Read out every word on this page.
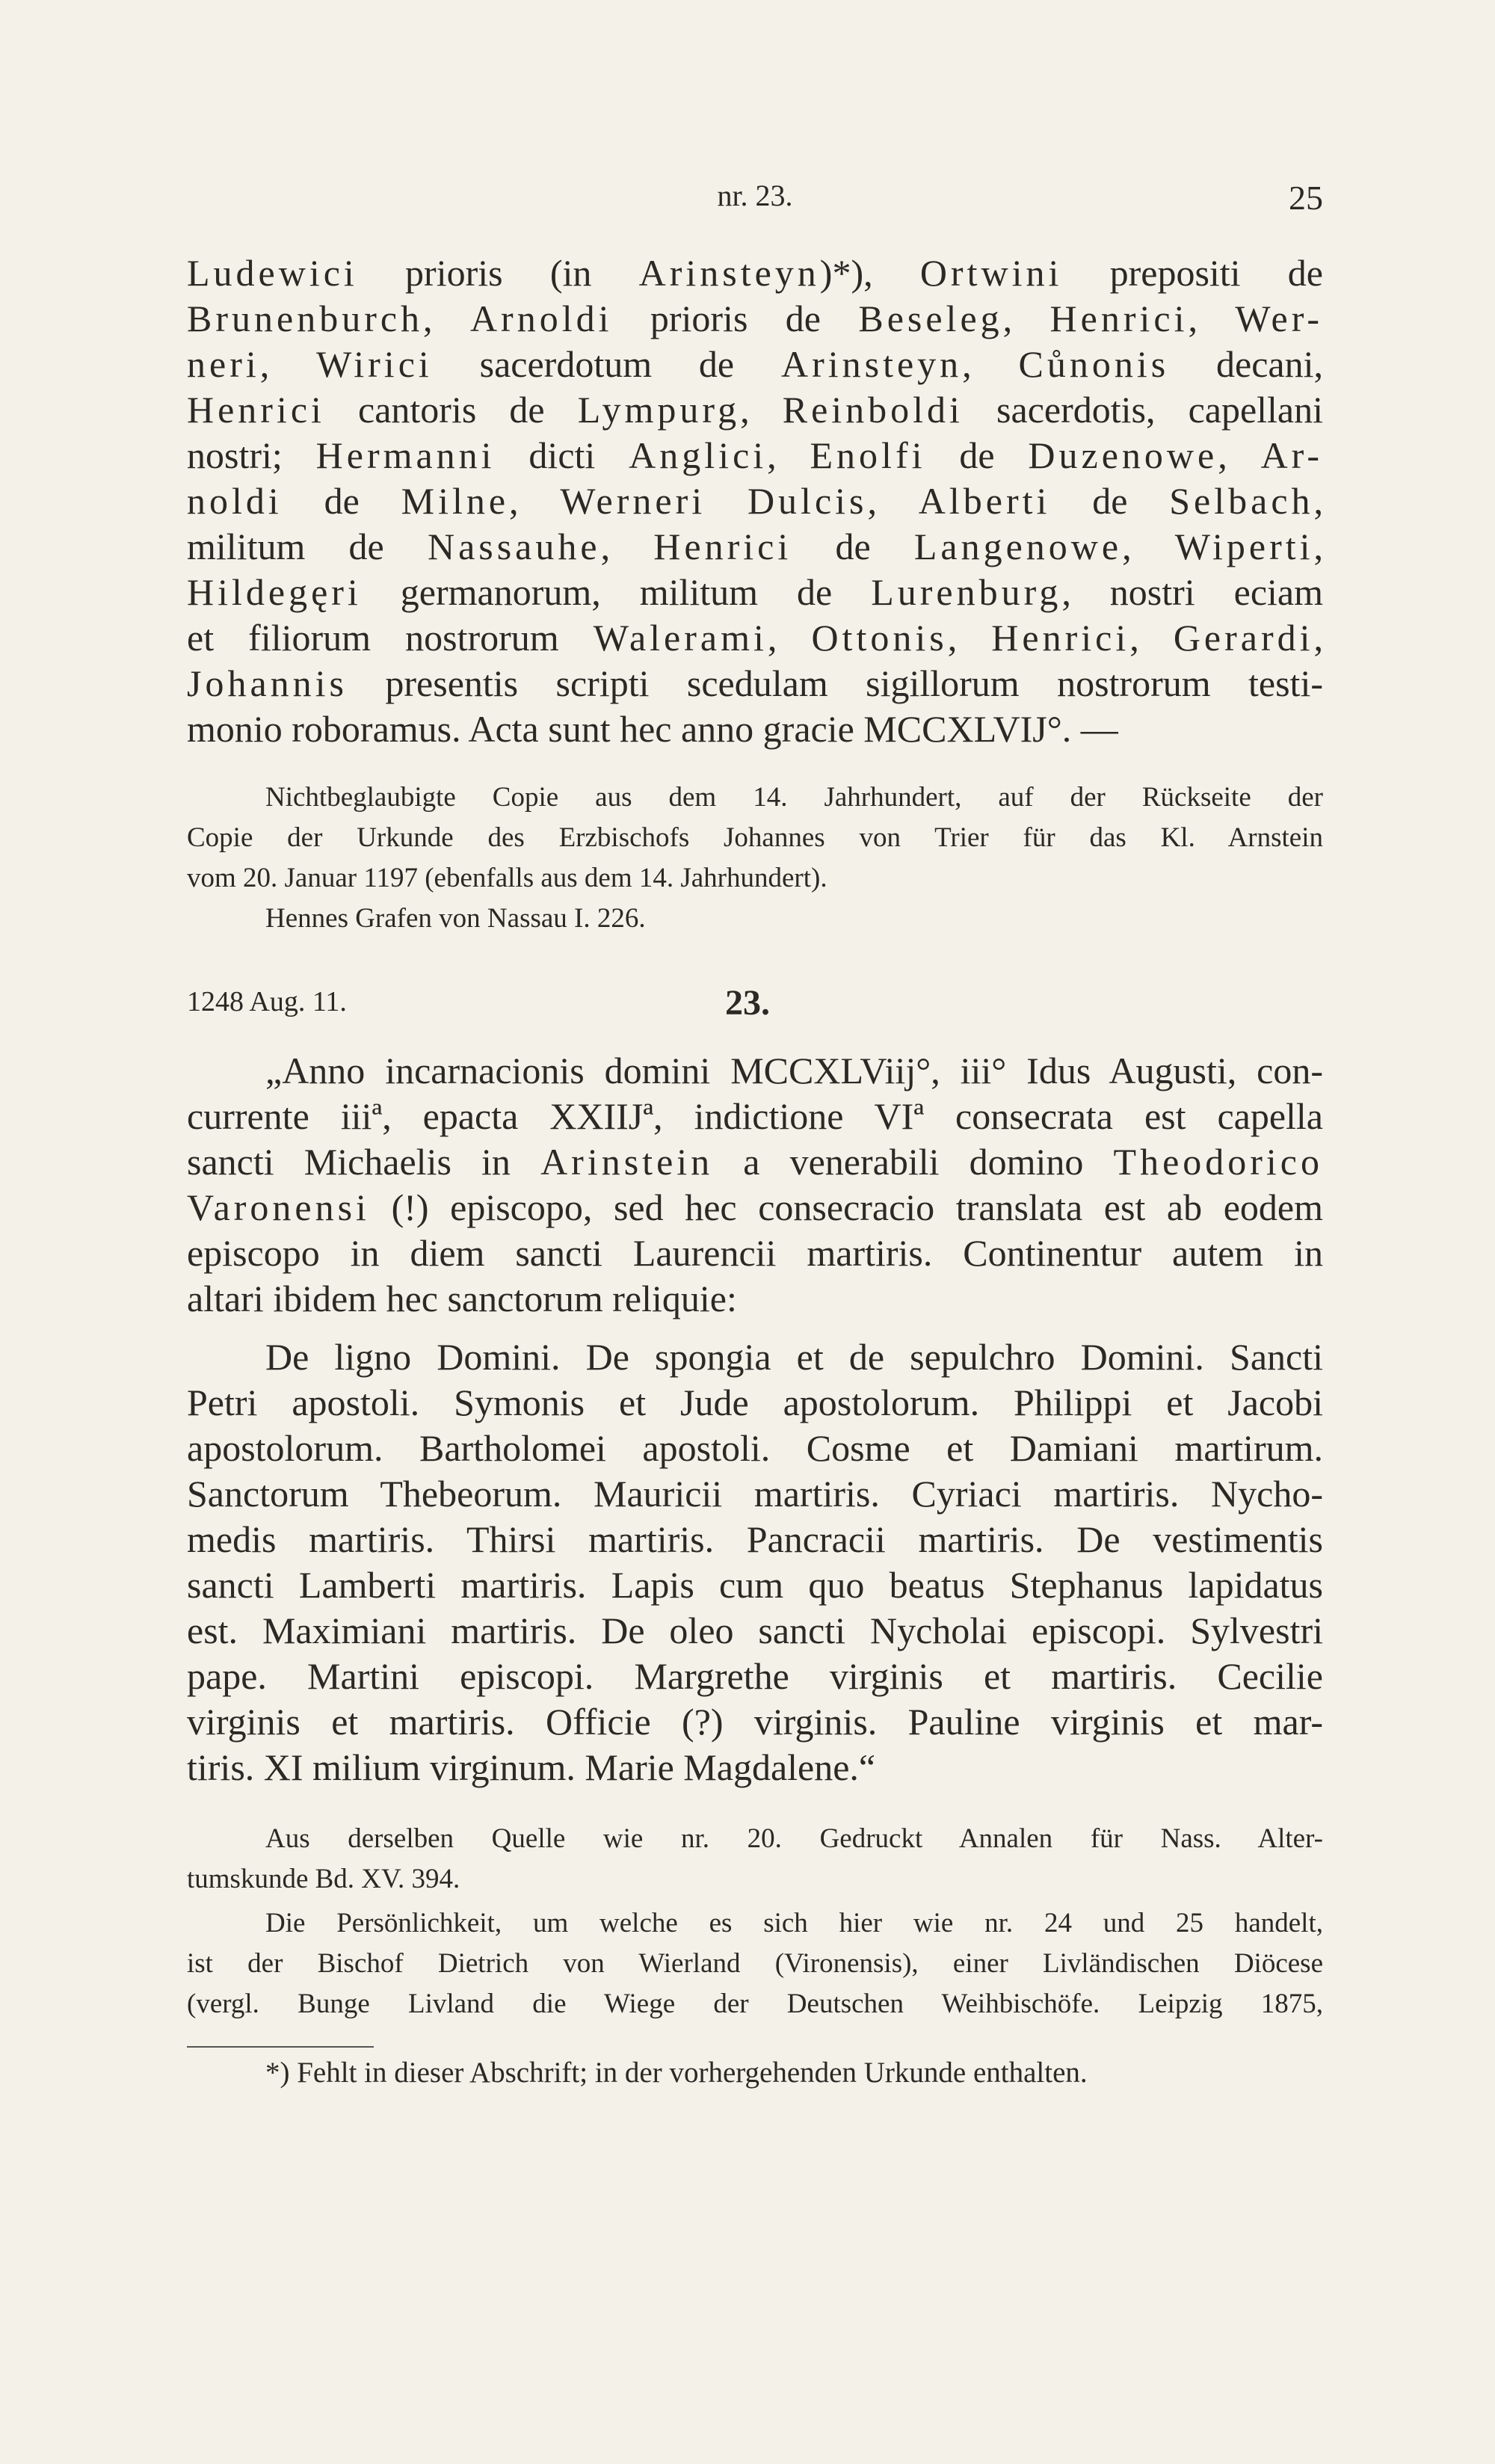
nr. 23.	25
Ludewici prioris (in Arinsteyn)*), Ortwini prepositi de
Brunenburch, Arnoldi prioris de Beseleg, Henrici, Wer-
neri, Wirici sacerdotum de Arinsteyn, Cůnonis decani,
Henrici cantoris de Lympurg, Reinboldi sacerdotis, capellani
nostri; Hermanni dicti Anglici, Enolfi de Duzenowe, Ar-
noldi de Milne, Werneri Dulcis, Alberti de Selbach,
militum de Nassauhe, Henrici de Langenowe, Wiperti,
Hildegęri germanorum, militum de Lurenburg, nostri eciam
et filiorum nostrorum Walerami, Ottonis, Henrici, Gerardi,
Johannis presentis scripti scedulam sigillorum nostrorum testi-
monio roboramus. Acta sunt hec anno gracie MCCXLVIJ°. —
Nichtbeglaubigte Copie aus dem 14. Jahrhundert, auf der Rückseite der
Copie der Urkunde des Erzbischofs Johannes von Trier für das Kl. Arnstein
vom 20. Januar 1197 (ebenfalls aus dem 14. Jahrhundert).
Hennes Grafen von Nassau I. 226.
1248 Aug. 11.	23.
„Anno incarnacionis domini MCCXLViij°, iii° Idus Augusti, con-
currente iiiª, epacta XXIIJª, indictione VIª consecrata est capella
sancti Michaelis in Arinstein a venerabili domino Theodorico
Varonensi (!) episcopo, sed hec consecracio translata est ab eodem
episcopo in diem sancti Laurencii martiris. Continentur autem in
altari ibidem hec sanctorum reliquie:
De ligno Domini. De spongia et de sepulchro Domini. Sancti
Petri apostoli. Symonis et Jude apostolorum. Philippi et Jacobi
apostolorum. Bartholomei apostoli. Cosme et Damiani martirum.
Sanctorum Thebeorum. Mauricii martiris. Cyriaci martiris. Nycho-
medis martiris. Thirsi martiris. Pancracii martiris. De vestimentis
sancti Lamberti martiris. Lapis cum quo beatus Stephanus lapidatus
est. Maximiani martiris. De oleo sancti Nycholai episcopi. Sylvestri
pape. Martini episcopi. Margrethe virginis et martiris. Cecilie
virginis et martiris. Officie (?) virginis. Pauline virginis et mar-
tiris. XI milium virginum. Marie Magdalene.“
Aus derselben Quelle wie nr. 20. Gedruckt Annalen für Nass. Alter-
tumskunde Bd. XV. 394.
Die Persönlichkeit, um welche es sich hier wie nr. 24 und 25 handelt,
ist der Bischof Dietrich von Wierland (Vironensis), einer Livländischen Diöcese
(vergl. Bunge Livland die Wiege der Deutschen Weihbischöfe. Leipzig 1875,
*) Fehlt in dieser Abschrift; in der vorhergehenden Urkunde enthalten.
